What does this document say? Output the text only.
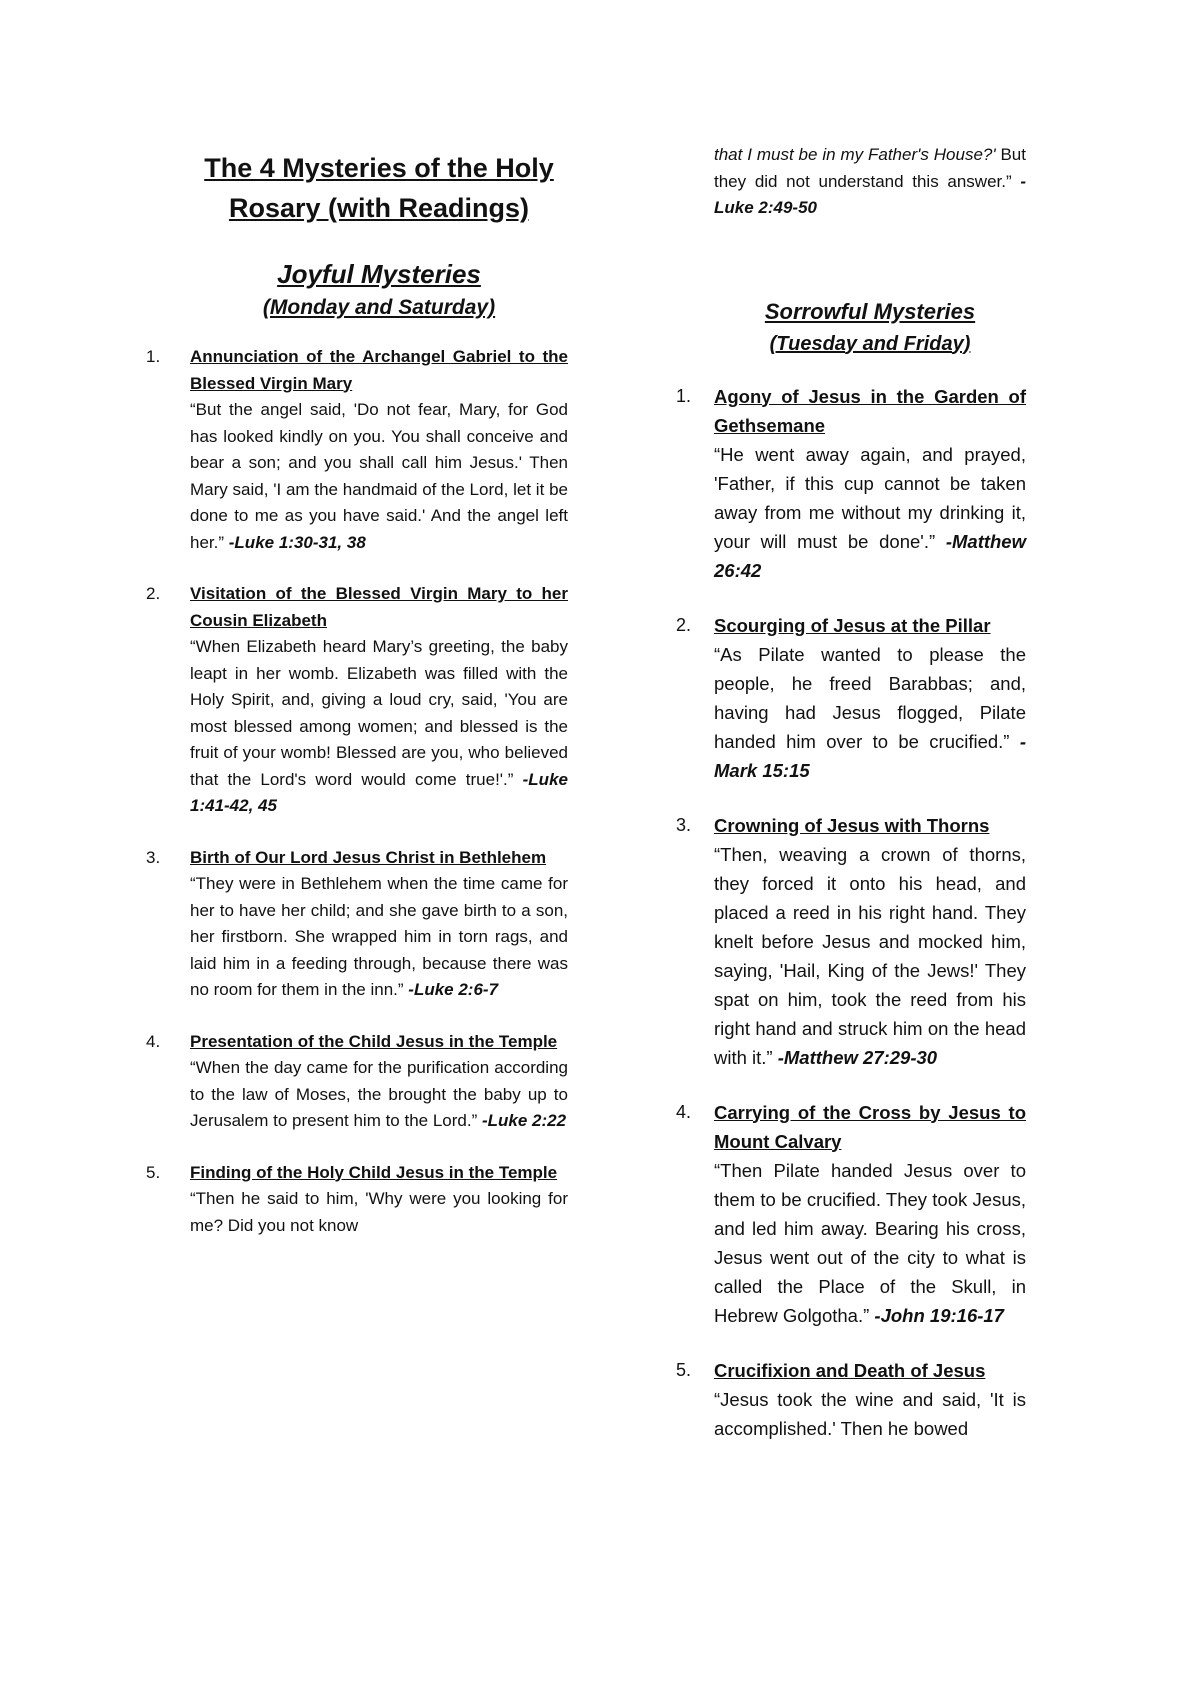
The 4 Mysteries of the Holy Rosary (with Readings)
Joyful Mysteries
(Monday and Saturday)
1. Annunciation of the Archangel Gabriel to the Blessed Virgin Mary
“But the angel said, 'Do not fear, Mary, for God has looked kindly on you. You shall conceive and bear a son; and you shall call him Jesus.' Then Mary said, 'I am the handmaid of the Lord, let it be done to me as you have said.' And the angel left her.” -Luke 1:30-31, 38
2. Visitation of the Blessed Virgin Mary to her Cousin Elizabeth
“When Elizabeth heard Mary’s greeting, the baby leapt in her womb. Elizabeth was filled with the Holy Spirit, and, giving a loud cry, said, 'You are most blessed among women; and blessed is the fruit of your womb! Blessed are you, who believed that the Lord's word would come true!'.” -Luke 1:41-42, 45
3. Birth of Our Lord Jesus Christ in Bethlehem
“They were in Bethlehem when the time came for her to have her child; and she gave birth to a son, her firstborn. She wrapped him in torn rags, and laid him in a feeding through, because there was no room for them in the inn.” -Luke 2:6-7
4. Presentation of the Child Jesus in the Temple
“When the day came for the purification according to the law of Moses, the brought the baby up to Jerusalem to present him to the Lord.” -Luke 2:22
5. Finding of the Holy Child Jesus in the Temple
“Then he said to him, 'Why were you looking for me? Did you not know

that I must be in my Father's House?' But they did not understand this answer.” -Luke 2:49-50

Sorrowful Mysteries
(Tuesday and Friday)
1. Agony of Jesus in the Garden of Gethsemane
“He went away again, and prayed, 'Father, if this cup cannot be taken away from me without my drinking it, your will must be done'.” -Matthew 26:42
2. Scourging of Jesus at the Pillar
“As Pilate wanted to please the people, he freed Barabbas; and, having had Jesus flogged, Pilate handed him over to be crucified.” -Mark 15:15
3. Crowning of Jesus with Thorns
“Then, weaving a crown of thorns, they forced it onto his head, and placed a reed in his right hand. They knelt before Jesus and mocked him, saying, 'Hail, King of the Jews!' They spat on him, took the reed from his right hand and struck him on the head with it.” -Matthew 27:29-30
4. Carrying of the Cross by Jesus to Mount Calvary
“Then Pilate handed Jesus over to them to be crucified. They took Jesus, and led him away. Bearing his cross, Jesus went out of the city to what is called the Place of the Skull, in Hebrew Golgotha.” -John 19:16-17
5. Crucifixion and Death of Jesus
“Jesus took the wine and said, 'It is accomplished.' Then he bowed
